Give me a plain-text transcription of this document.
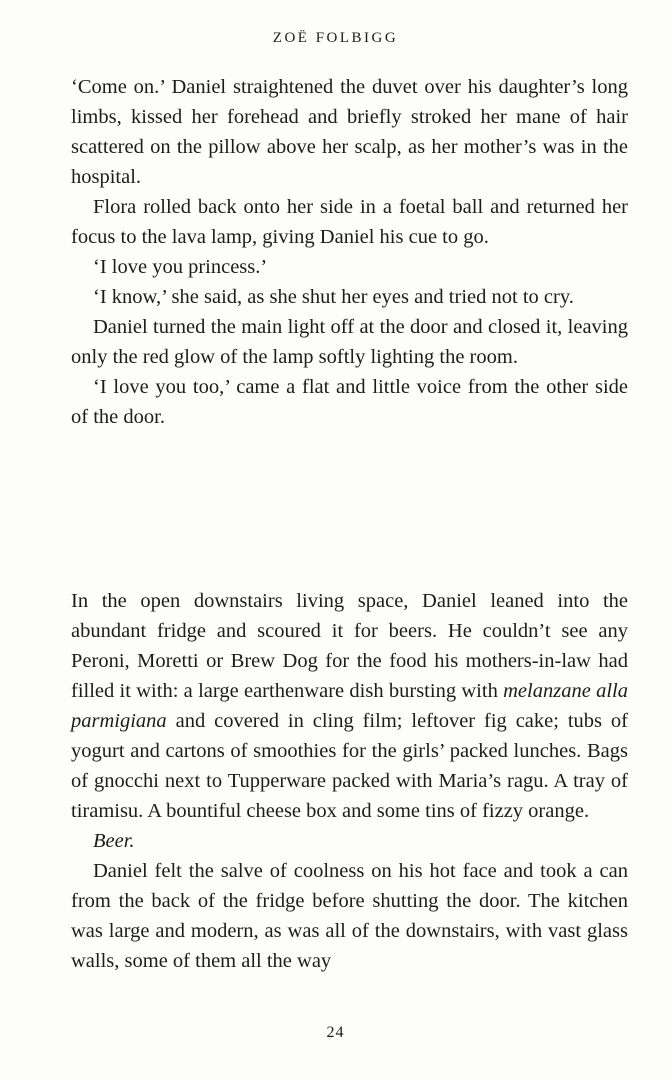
ZOË FOLBIGG

‘Come on.’ Daniel straightened the duvet over his daughter’s long limbs, kissed her forehead and briefly stroked her mane of hair scattered on the pillow above her scalp, as her mother’s was in the hospital.

Flora rolled back onto her side in a foetal ball and returned her focus to the lava lamp, giving Daniel his cue to go.

‘I love you princess.’

‘I know,’ she said, as she shut her eyes and tried not to cry.

Daniel turned the main light off at the door and closed it, leaving only the red glow of the lamp softly lighting the room.

‘I love you too,’ came a flat and little voice from the other side of the door.

In the open downstairs living space, Daniel leaned into the abundant fridge and scoured it for beers. He couldn’t see any Peroni, Moretti or Brew Dog for the food his mothers-in-law had filled it with: a large earthenware dish bursting with melanzane alla parmigiana and covered in cling film; leftover fig cake; tubs of yogurt and cartons of smoothies for the girls’ packed lunches. Bags of gnocchi next to Tupperware packed with Maria’s ragu. A tray of tiramisu. A bountiful cheese box and some tins of fizzy orange.

Beer.

Daniel felt the salve of coolness on his hot face and took a can from the back of the fridge before shutting the door. The kitchen was large and modern, as was all of the downstairs, with vast glass walls, some of them all the way

24
